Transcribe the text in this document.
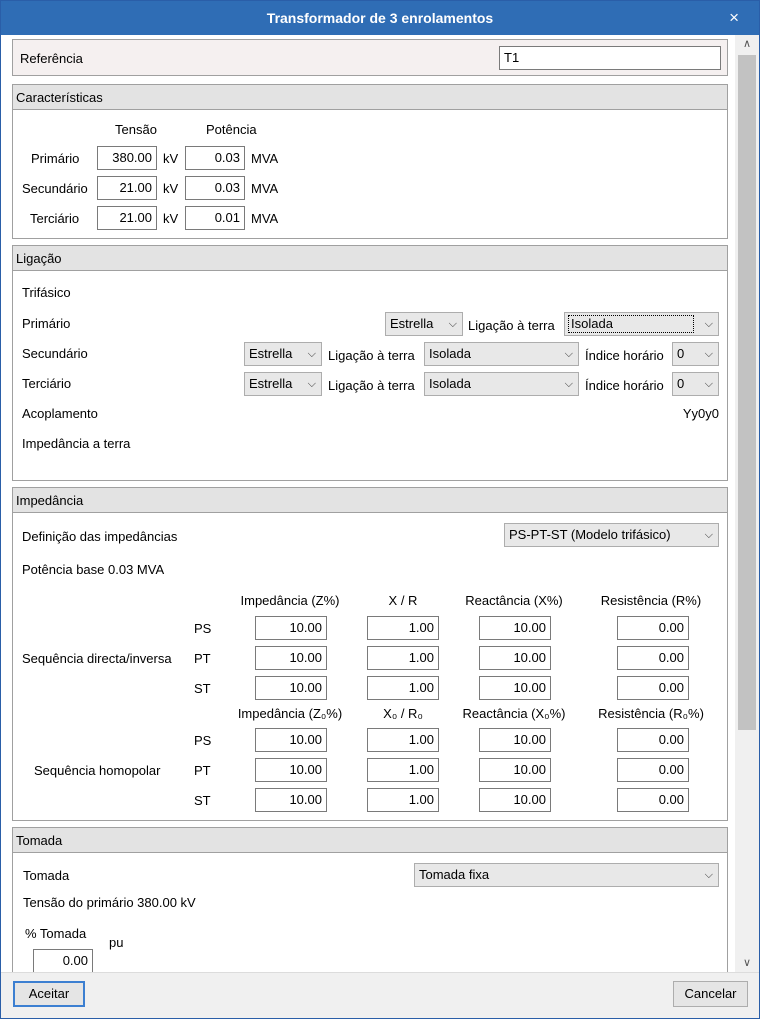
Transformador de 3 enrolamentos	×
Referência	T1
Características
Tensão	Potência
Primário	380.00 kV	0.03 MVA
Secundário	21.00 kV	0.03 MVA
Terciário	21.00 kV	0.01 MVA
Ligação
Trifásico
Primário	Estrella ⌵ Ligação à terra	Isolada	⌵
Secundário	Estrella ⌵ Ligação à terra	Isolada	⌵ Índice horário	0 ⌵
Terciário	Estrella ⌵ Ligação à terra	Isolada	⌵ Índice horário	0 ⌵
Acoplamento	Yy0y0
Impedância a terra
Impedância
Definição das impedâncias	PS-PT-ST (Modelo trifásico)	⌵
Potência base 0.03 MVA
Impedância (Z%)	X / R	Reactância (X%)	Resistência (R%)
Sequência directa/inversa
PS	10.00	1.00	10.00	0.00
PT	10.00	1.00	10.00	0.00
ST	10.00	1.00	10.00	0.00
Impedância (Z₀%)	X₀ / R₀	Reactância (X₀%)	Resistência (R₀%)
Sequência homopolar
PS	10.00	1.00	10.00	0.00
PT	10.00	1.00	10.00	0.00
ST	10.00	1.00	10.00	0.00
Tomada
Tomada	Tomada fixa	⌵
Tensão do primário 380.00 kV
% Tomada
pu
0.00
∧
∨
Aceitar	Cancelar
